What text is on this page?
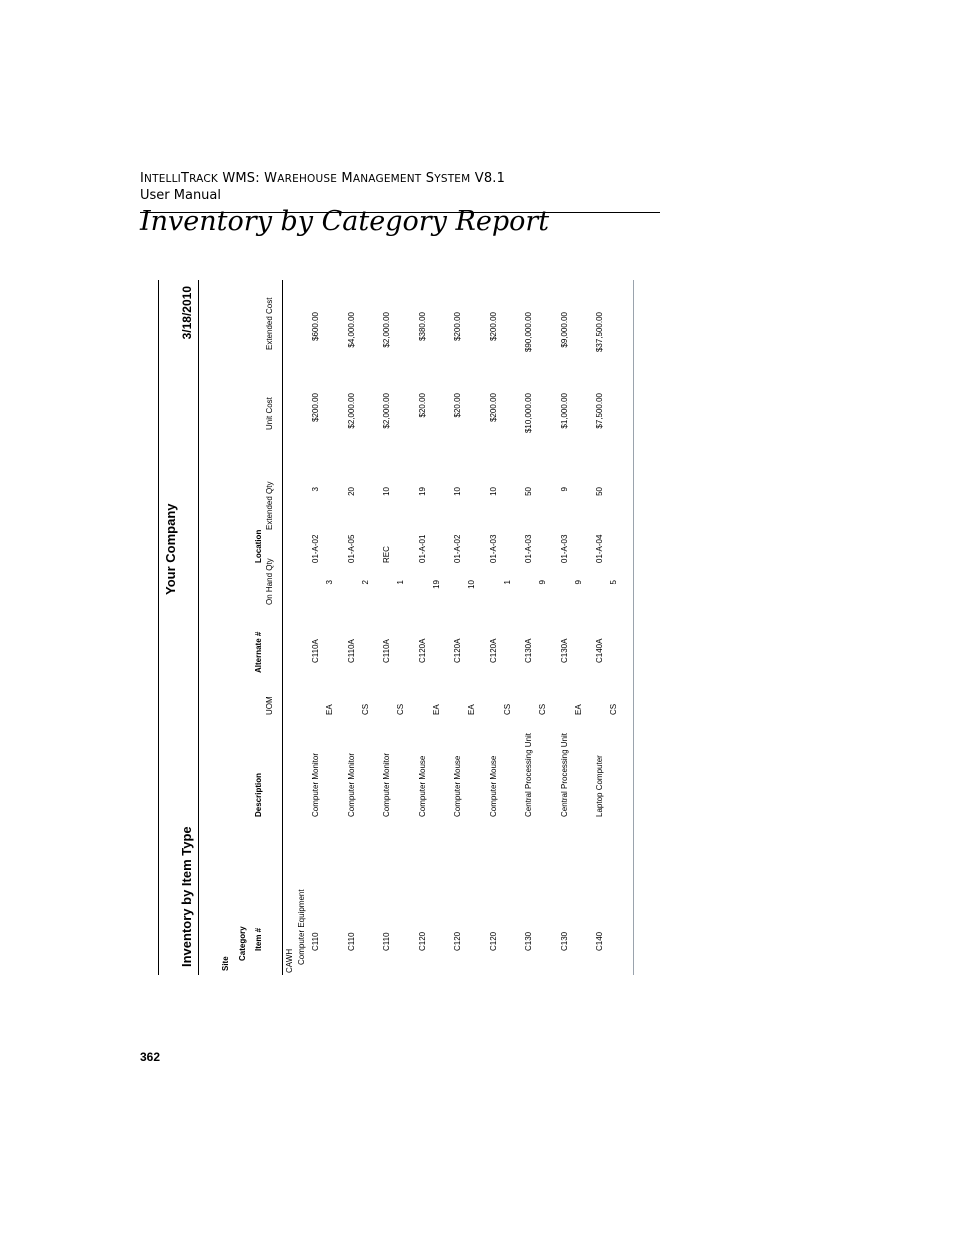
INTELLITRACK WMS: WAREHOUSE MANAGEMENT SYSTEM V8.1
User Manual
Inventory by Category Report
Your Company
Inventory by Item Type
3/18/2010
Site
Category Item #
Description
UOM
Alternate #
Location
On Hand Qty
Extended Qty
Unit Cost
Extended Cost
CAWH Computer Equipment C110
Computer Monitor
EA
C110A
01-A-02
3
3
$200.00
$600.00
C110
Computer Monitor
CS
C110A
01-A-05
2
20
$2,000.00
$4,000.00
C110
Computer Monitor
CS
C110A
REC
1
10
$2,000.00
$2,000.00
C120
Computer Mouse
EA
C120A
01-A-01
19
19
$20.00
$380.00
C120
Computer Mouse
EA
C120A
01-A-02
10
10
$20.00
$200.00
C120
Computer Mouse
CS
C120A
01-A-03
1
10
$200.00
$200.00
C130
Central Processing Unit
CS
C130A
01-A-03
9
50
$10,000.00
$90,000.00
C130
Central Processing Unit
EA
C130A
01-A-03
9
9
$1,000.00
$9,000.00
C140
Laptop Computer
CS
C140A
01-A-04
5
50
$7,500.00
$37,500.00
362
